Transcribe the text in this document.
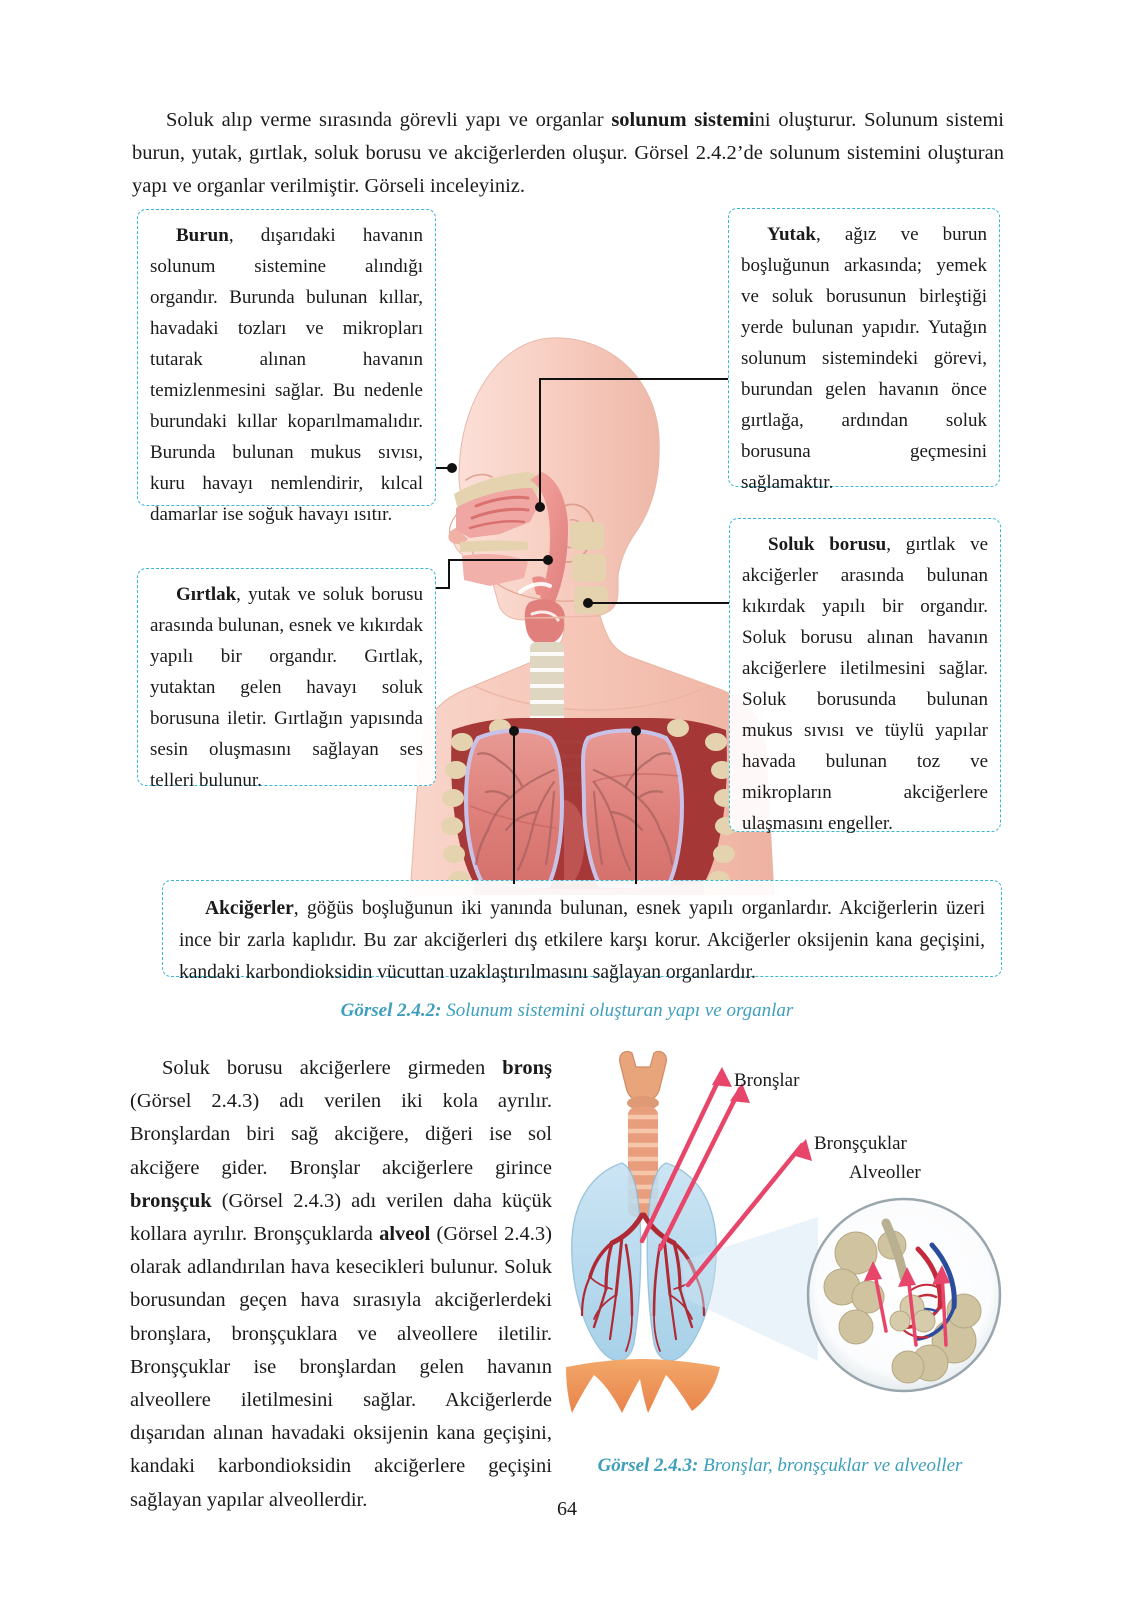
Soluk alıp verme sırasında görevli yapı ve organlar solunum sistemini oluşturur. Solunum sistemi burun, yutak, gırtlak, soluk borusu ve akciğerlerden oluşur. Görsel 2.4.2’de solunum sistemini oluşturan yapı ve organlar verilmiştir. Görseli inceleyiniz.

Burun, dışarıdaki havanın solunum sistemine alındığı organdır. Burunda bulunan kıllar, havadaki tozları ve mikropları tutarak alınan havanın temizlenmesini sağlar. Bu nedenle burundaki kıllar koparılmamalıdır. Burunda bulunan mukus sıvısı, kuru havayı nemlendirir, kılcal damarlar ise soğuk havayı ısıtır.

Yutak, ağız ve burun boşluğunun arkasında; yemek ve soluk borusunun birleştiği yerde bulunan yapıdır. Yutağın solunum sistemindeki görevi, burundan gelen havanın önce gırtlağa, ardından soluk borusuna geçmesini sağlamaktır.

Gırtlak, yutak ve soluk borusu arasında bulunan, esnek ve kıkırdak yapılı bir organdır. Gırtlak, yutaktan gelen havayı soluk borusuna iletir. Gırtlağın yapısında sesin oluşmasını sağlayan ses telleri bulunur.

Soluk borusu, gırtlak ve akciğerler arasında bulunan kıkırdak yapılı bir organdır. Soluk borusu alınan havanın akciğerlere iletilmesini sağlar. Soluk borusunda bulunan mukus sıvısı ve tüylü yapılar havada bulunan toz ve mikropların akciğerlere ulaşmasını engeller.

Akciğerler, göğüs boşluğunun iki yanında bulunan, esnek yapılı organlardır. Akciğerlerin üzeri ince bir zarla kaplıdır. Bu zar akciğerleri dış etkilere karşı korur. Akciğerler oksijenin kana geçişini, kandaki karbondioksidin vücuttan uzaklaştırılmasını sağlayan organlardır.

Görsel 2.4.2: Solunum sistemini oluşturan yapı ve organlar
Soluk borusu akciğerlere girmeden bronş (Görsel 2.4.3) adı verilen iki kola ayrılır. Bronşlardan biri sağ akciğere, diğeri ise sol akciğere gider. Bronşlar akciğerlere girince bronşçuk (Görsel 2.4.3) adı verilen daha küçük kollara ayrılır. Bronşçuklarda alveol (Görsel 2.4.3) olarak adlandırılan hava kesecikleri bulunur. Soluk borusundan geçen hava sırasıyla akciğerlerdeki bronşlara, bronşçuklara ve alveollere iletilir. Bronşçuklar ise bronşlardan gelen havanın alveollere iletilmesini sağlar. Akciğerlerde dışarıdan alınan havadaki oksijenin kana geçişini, kandaki karbondioksidin akciğerlere geçişini sağlayan yapılar alveollerdir.
Bronşlar
Bronşçuklar
Alveoller
Görsel 2.4.3: Bronşlar, bronşçuklar ve alveoller
64
